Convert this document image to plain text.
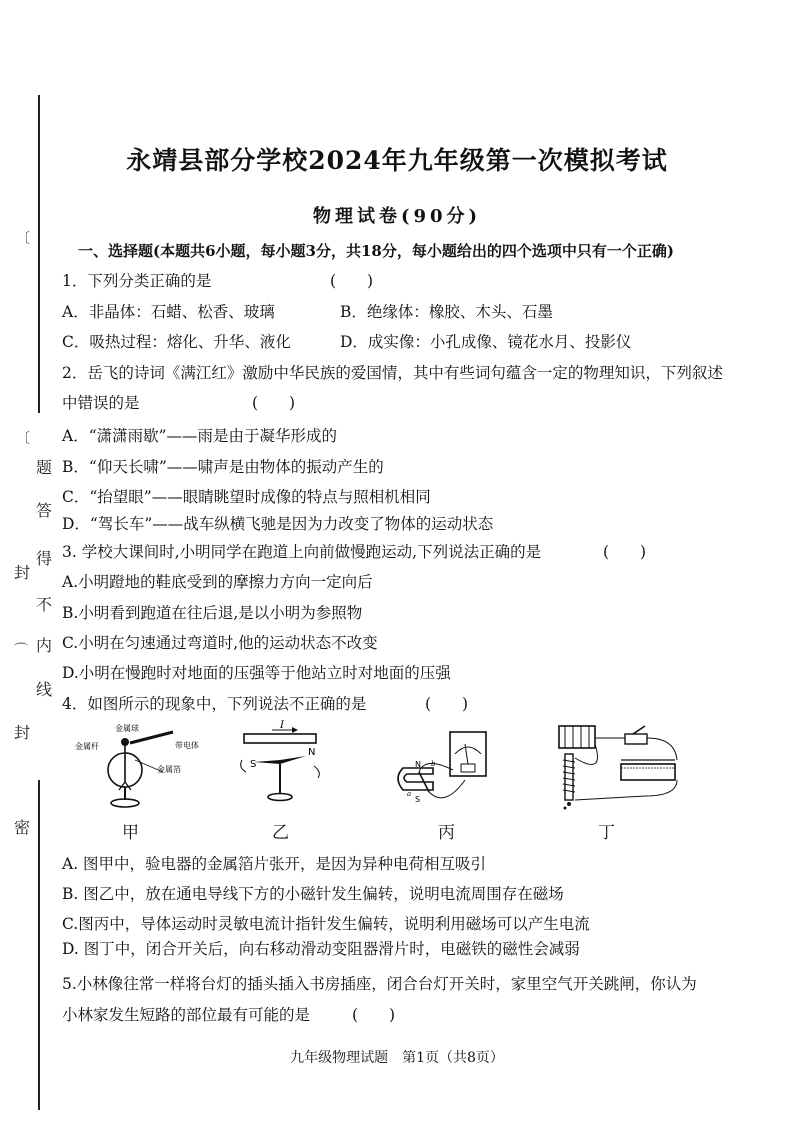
〔
〔
⌒
题
答
得
不
内
线
封
封
密
永靖县部分学校2024年九年级第一次模拟考试
物理试卷(90分)
一、选择题(本题共6小题，每小题3分，共18分，每小题给出的四个选项中只有一个正确)
1．下列分类正确的是	(　　)
A．非晶体：石蜡、松香、玻璃	B．绝缘体：橡胶、木头、石墨
C．吸热过程：熔化、升华、液化	D．成实像：小孔成像、镜花水月、投影仪
2．岳飞的诗词《满江红》激励中华民族的爱国情，其中有些词句蕴含一定的物理知识，下列叙述
中错误的是	(　　)
A．“潇潇雨歇”——雨是由于凝华形成的
B．“仰天长啸”——啸声是由物体的振动产生的
C．“抬望眼”——眼睛眺望时成像的特点与照相机相同
D．“驾长车”——战车纵横飞驰是因为力改变了物体的运动状态
3. 学校大课间时,小明同学在跑道上向前做慢跑运动,下列说法正确的是	(　　)
A.小明蹬地的鞋底受到的摩擦力方向一定向后
B.小明看到跑道在往后退,是以小明为参照物
C.小明在匀速通过弯道时,他的运动状态不改变
D.小明在慢跑时对地面的压强等于他站立时对地面的压强
4．如图所示的现象中，下列说法不正确的是	(　　)
金属球
金属杆	带电体
金属箔
I
S
N
N
S
a
b
甲	乙	丙	丁
A. 图甲中，验电器的金属箔片张开，是因为异种电荷相互吸引
B. 图乙中，放在通电导线下方的小磁针发生偏转，说明电流周围存在磁场
C.图丙中，导体运动时灵敏电流计指针发生偏转，说明利用磁场可以产生电流
D. 图丁中，闭合开关后，向右移动滑动变阻器滑片时，电磁铁的磁性会减弱
5.小林像往常一样将台灯的插头插入书房插座，闭合台灯开关时，家里空气开关跳闸，你认为
小林家发生短路的部位最有可能的是	(　　)
九年级物理试题　第1页（共8页）
